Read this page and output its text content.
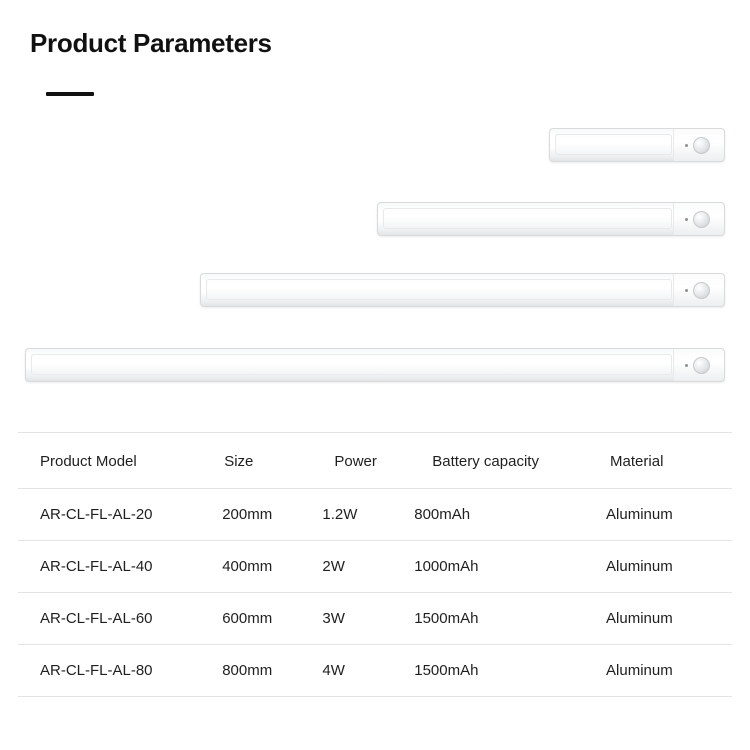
Product Parameters
Product Model	Size	Power	Battery capacity	Material
AR-CL-FL-AL-20	200mm	1.2W	800mAh	Aluminum
AR-CL-FL-AL-40	400mm	2W	1000mAh	Aluminum
AR-CL-FL-AL-60	600mm	3W	1500mAh	Aluminum
AR-CL-FL-AL-80	800mm	4W	1500mAh	Aluminum
